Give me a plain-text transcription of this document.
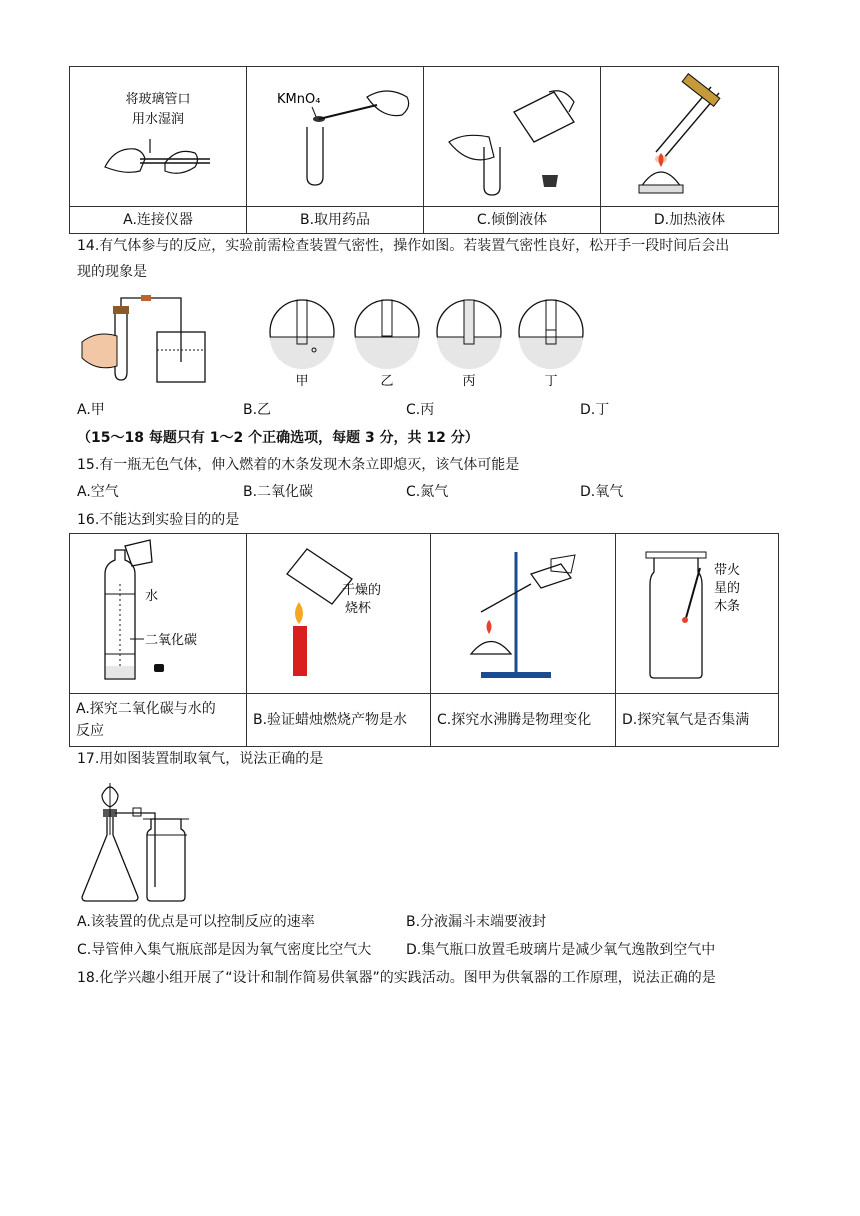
将玻璃管口
用水湿润	KMnO₄

A.连接仪器	B.取用药品	C.倾倒液体	D.加热液体
14.有气体参与的反应，实验前需检查装置气密性，操作如图。若装置气密性良好，松开手一段时间后会出
现的现象是
甲	乙	丙	丁
A.甲	B.乙	C.丙	D.丁
（15～18 每题只有 1～2 个正确选项，每题 3 分，共 12 分）
15.有一瓶无色气体，伸入燃着的木条发现木条立即熄灭，该气体可能是
A.空气	B.二氧化碳	C.氮气	D.氧气
16.不能达到实验目的的是
水
二氧化碳	干燥的
烧杯		带火
星的
木条

A.探究二氧化碳与水的
反应	B.验证蜡烛燃烧产物是水	C.探究水沸腾是物理变化	D.探究氧气是否集满
17.用如图装置制取氧气，说法正确的是
A.该装置的优点是可以控制反应的速率	B.分液漏斗末端要液封
C.导管伸入集气瓶底部是因为氧气密度比空气大 D.集气瓶口放置毛玻璃片是减少氧气逸散到空气中
18.化学兴趣小组开展了“设计和制作简易供氧器”的实践活动。图甲为供氧器的工作原理，说法正确的是
